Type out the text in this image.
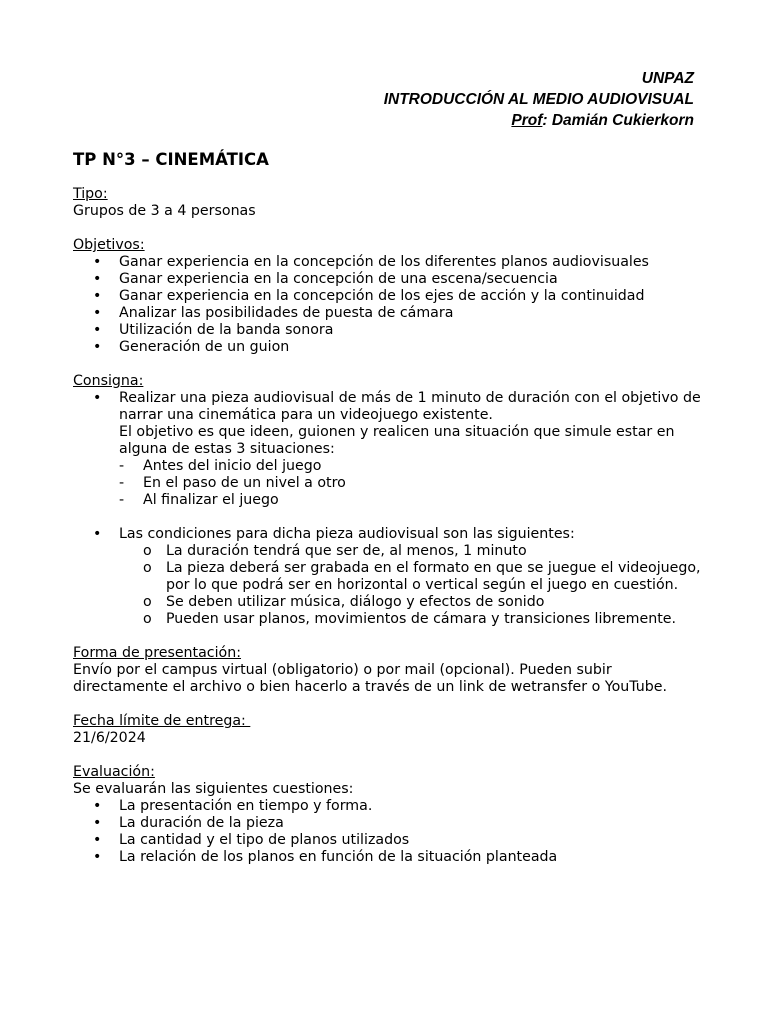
UNPAZ
INTRODUCCIÓN AL MEDIO AUDIOVISUAL
Prof: Damián Cukierkorn
TP N°3 – CINEMÁTICA
Tipo:
Grupos de 3 a 4 personas
Objetivos:
• Ganar experiencia en la concepción de los diferentes planos audiovisuales
• Ganar experiencia en la concepción de una escena/secuencia
• Ganar experiencia en la concepción de los ejes de acción y la continuidad
• Analizar las posibilidades de puesta de cámara
• Utilización de la banda sonora
• Generación de un guion
Consigna:
• Realizar una pieza audiovisual de más de 1 minuto de duración con el objetivo de narrar una cinemática para un videojuego existente.
El objetivo es que ideen, guionen y realicen una situación que simule estar en alguna de estas 3 situaciones:
- Antes del inicio del juego
- En el paso de un nivel a otro
- Al finalizar el juego
• Las condiciones para dicha pieza audiovisual son las siguientes:
o La duración tendrá que ser de, al menos, 1 minuto
o La pieza deberá ser grabada en el formato en que se juegue el videojuego, por lo que podrá ser en horizontal o vertical según el juego en cuestión.
o Se deben utilizar música, diálogo y efectos de sonido
o Pueden usar planos, movimientos de cámara y transiciones libremente.
Forma de presentación:
Envío por el campus virtual (obligatorio) o por mail (opcional). Pueden subir directamente el archivo o bien hacerlo a través de un link de wetransfer o YouTube.
Fecha límite de entrega:
21/6/2024
Evaluación:
Se evaluarán las siguientes cuestiones:
• La presentación en tiempo y forma.
• La duración de la pieza
• La cantidad y el tipo de planos utilizados
• La relación de los planos en función de la situación planteada
